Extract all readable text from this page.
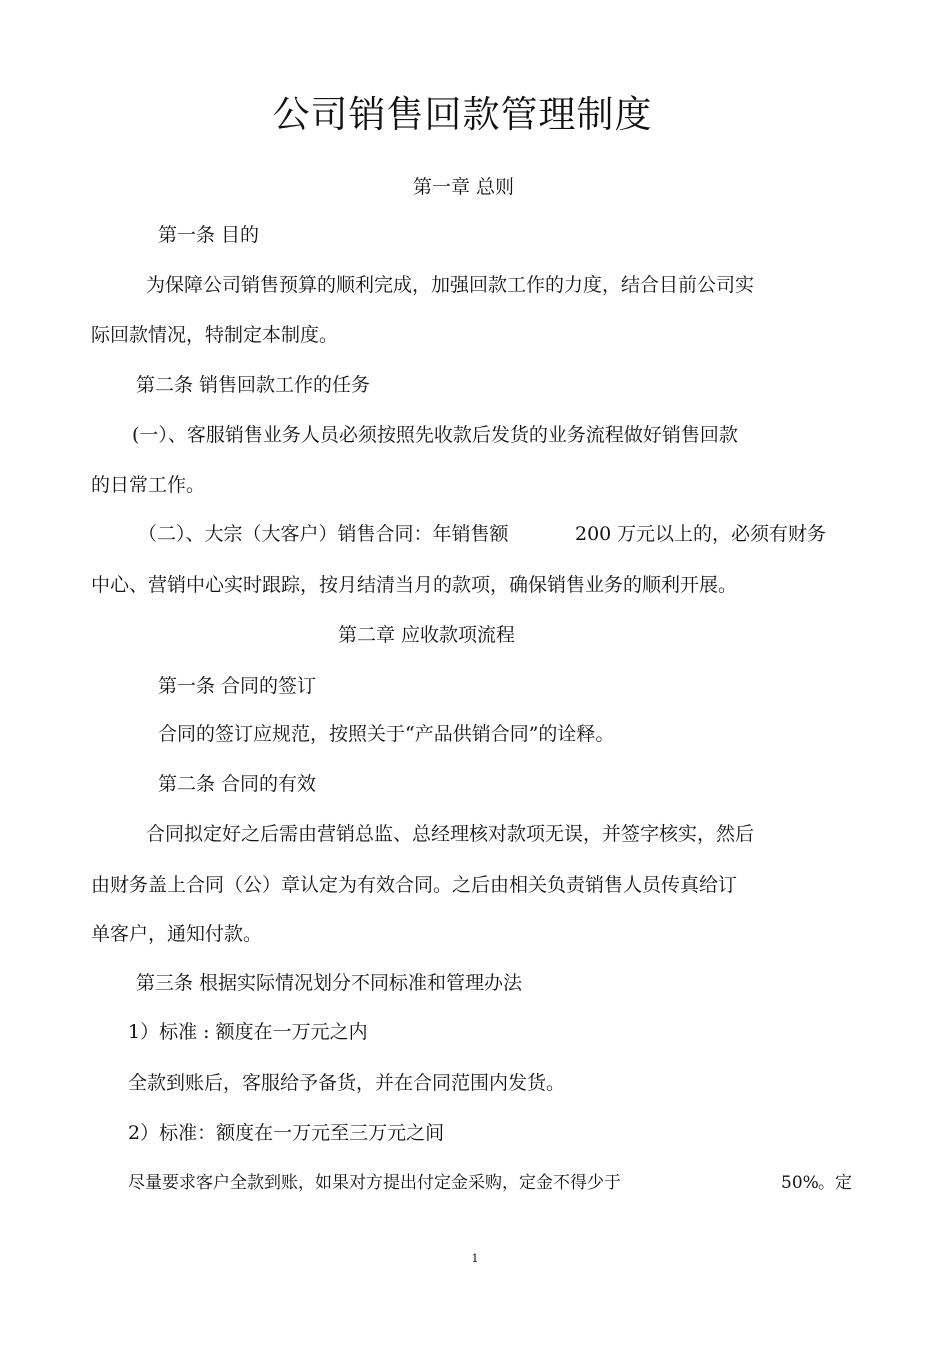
公司销售回款管理制度
第一章 总则
第一条 目的
为保障公司销售预算的顺利完成，加强回款工作的力度，结合目前公司实
际回款情况，特制定本制度。
第二条 销售回款工作的任务
(一）、客服销售业务人员必须按照先收款后发货的业务流程做好销售回款
的日常工作。
（二）、大宗（大客户）销售合同：年销售额	200 万元以上的，必须有财务
中心、营销中心实时跟踪，按月结清当月的款项，确保销售业务的顺利开展。
第二章 应收款项流程
第一条 合同的签订
合同的签订应规范，按照关于“产品供销合同”的诠释。
第二条 合同的有效
合同拟定好之后需由营销总监、总经理核对款项无误，并签字核实，然后
由财务盖上合同（公）章认定为有效合同。之后由相关负责销售人员传真给订
单客户，通知付款。
第三条 根据实际情况划分不同标准和管理办法
1）标准 : 额度在一万元之内
全款到账后，客服给予备货，并在合同范围内发货。
2）标准：额度在一万元至三万元之间
尽量要求客户全款到账，如果对方提出付定金采购，定金不得少于	50% 。定
1
